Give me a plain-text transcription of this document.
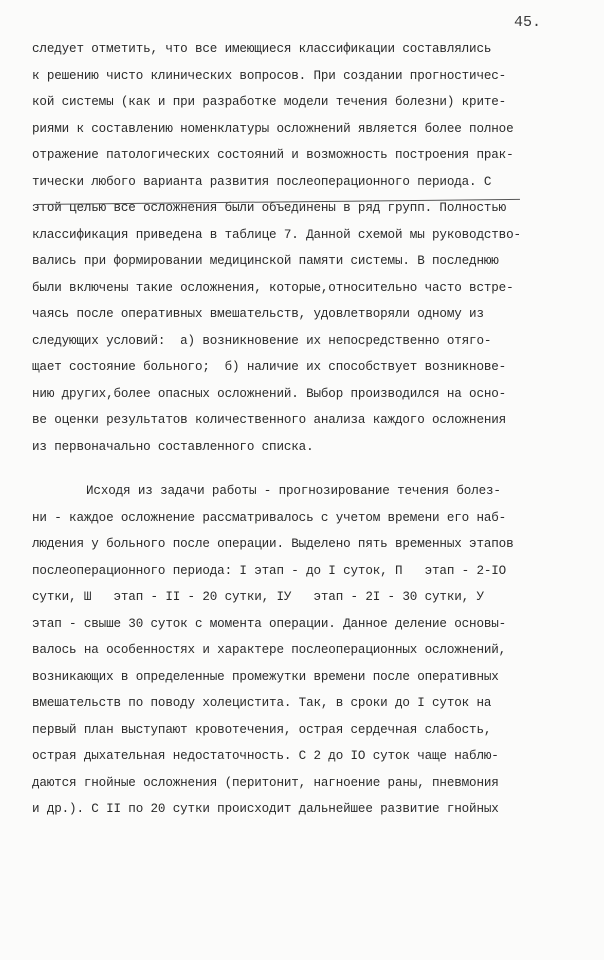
45.
следует отметить, что все имеющиеся классификации составлялись
к решению чисто клинических вопросов. При создании прогностичес-
кой системы (как и при разработке модели течения болезни) крите-
риями к составлению номенклатуры осложнений является более полное
отражение патологических состояний и возможность построения прак-
тически любого варианта развития послеоперационного периода. С
этой целью все осложнения были объединены в ряд групп. Полностью
классификация приведена в таблице 7. Данной схемой мы руководство-
вались при формировании медицинской памяти системы. В последнюю
были включены такие осложнения, которые,относительно часто встре-
чаясь после оперативных вмешательств, удовлетворяли одному из
следующих условий:  а) возникновение их непосредственно отяго-
щает состояние больного;  б) наличие их способствует возникнове-
нию других,более опасных осложнений. Выбор производился на осно-
ве оценки результатов количественного анализа каждого осложнения
из первоначально составленного списка.
Исходя из задачи работы - прогнозирование течения болез-
ни - каждое осложнение рассматривалось с учетом времени его наб-
людения у больного после операции. Выделено пять временных этапов
послеоперационного периода: I этап - до I суток, П   этап - 2-IO
сутки, Ш   этап - II - 20 сутки, IУ   этап - 2I - 30 сутки, У
этап - свыше 30 суток с момента операции. Данное деление основы-
валось на особенностях и характере послеоперационных осложнений,
возникающих в определенные промежутки времени после оперативных
вмешательств по поводу холецистита. Так, в сроки до I суток на
первый план выступают кровотечения, острая сердечная слабость,
острая дыхательная недостаточность. С 2 до IO суток чаще наблю-
даются гнойные осложнения (перитонит, нагноение раны, пневмония
и др.). С II по 20 сутки происходит дальнейшее развитие гнойных
